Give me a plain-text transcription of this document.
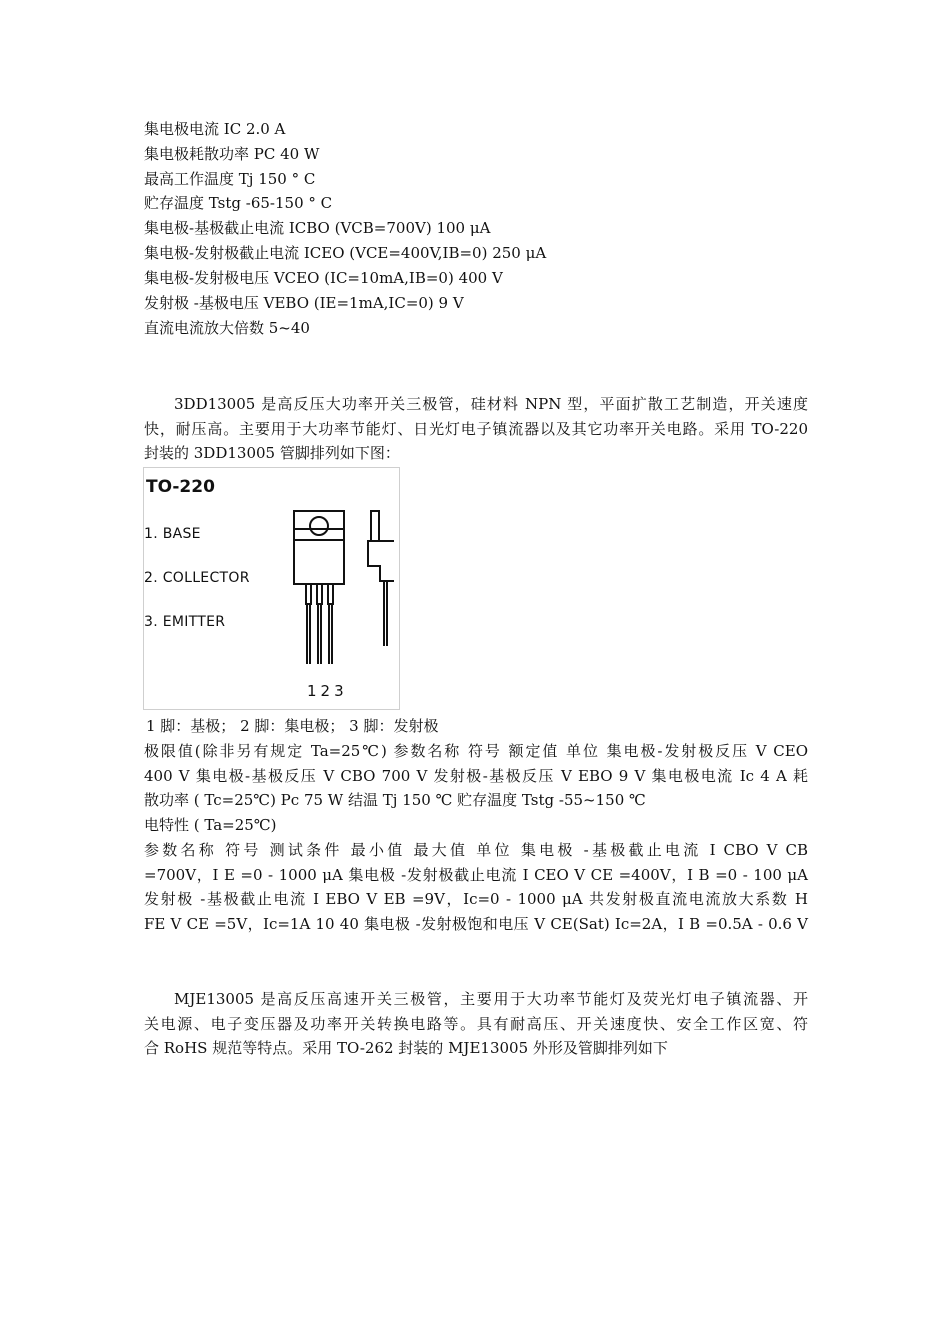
集电极电流 IC 2.0 A
集电极耗散功率 PC 40 W
最高工作温度 Tj 150 ° C
贮存温度 Tstg -65-150 ° C
集电极-基极截止电流 ICBO (VCB=700V) 100 μA
集电极-发射极截止电流 ICEO (VCE=400V,IB=0) 250 μA
集电极-发射极电压 VCEO (IC=10mA,IB=0) 400 V
发射极 -基极电压 VEBO (IE=1mA,IC=0) 9 V
直流电流放大倍数 5~40
3DD13005 是高反压大功率开关三极管，硅材料 NPN 型，平面扩散工艺制造，开关速度
快，耐压高。主要用于大功率节能灯、日光灯电子镇流器以及其它功率开关电路。采用 TO-220
封装的 3DD13005 管脚排列如下图：
TO-220
1. BASE
2. COLLECTOR
3. EMITTER
123
1 脚：基极； 2 脚：集电极； 3 脚：发射极
极限值(除非另有规定 Ta=25℃) 参数名称 符号 额定值 单位 集电极-发射极反压 V CEO
400 V 集电极-基极反压 V CBO 700 V 发射极-基极反压 V EBO 9 V 集电极电流 Ic 4 A 耗
散功率 ( Tc=25℃) Pc 75 W 结温 Tj 150 ℃ 贮存温度 Tstg -55~150 ℃
电特性 ( Ta=25℃)
参数名称 符号 测试条件 最小值 最大值 单位 集电极 -基极截止电流 I CBO V CB
=700V，I E =0 - 1000 μA 集电极 -发射极截止电流 I CEO V CE =400V，I B =0 - 100 μA
发射极 -基极截止电流 I EBO V EB =9V，Ic=0 - 1000 μA 共发射极直流电流放大系数 H
FE V CE =5V，Ic=1A 10 40 集电极 -发射极饱和电压 V CE(Sat) Ic=2A，I B =0.5A - 0.6 V
MJE13005 是高反压高速开关三极管，主要用于大功率节能灯及荧光灯电子镇流器、开
关电源、电子变压器及功率开关转换电路等。具有耐高压、开关速度快、安全工作区宽、符
合 RoHS 规范等特点。采用 TO-262 封装的 MJE13005 外形及管脚排列如下
